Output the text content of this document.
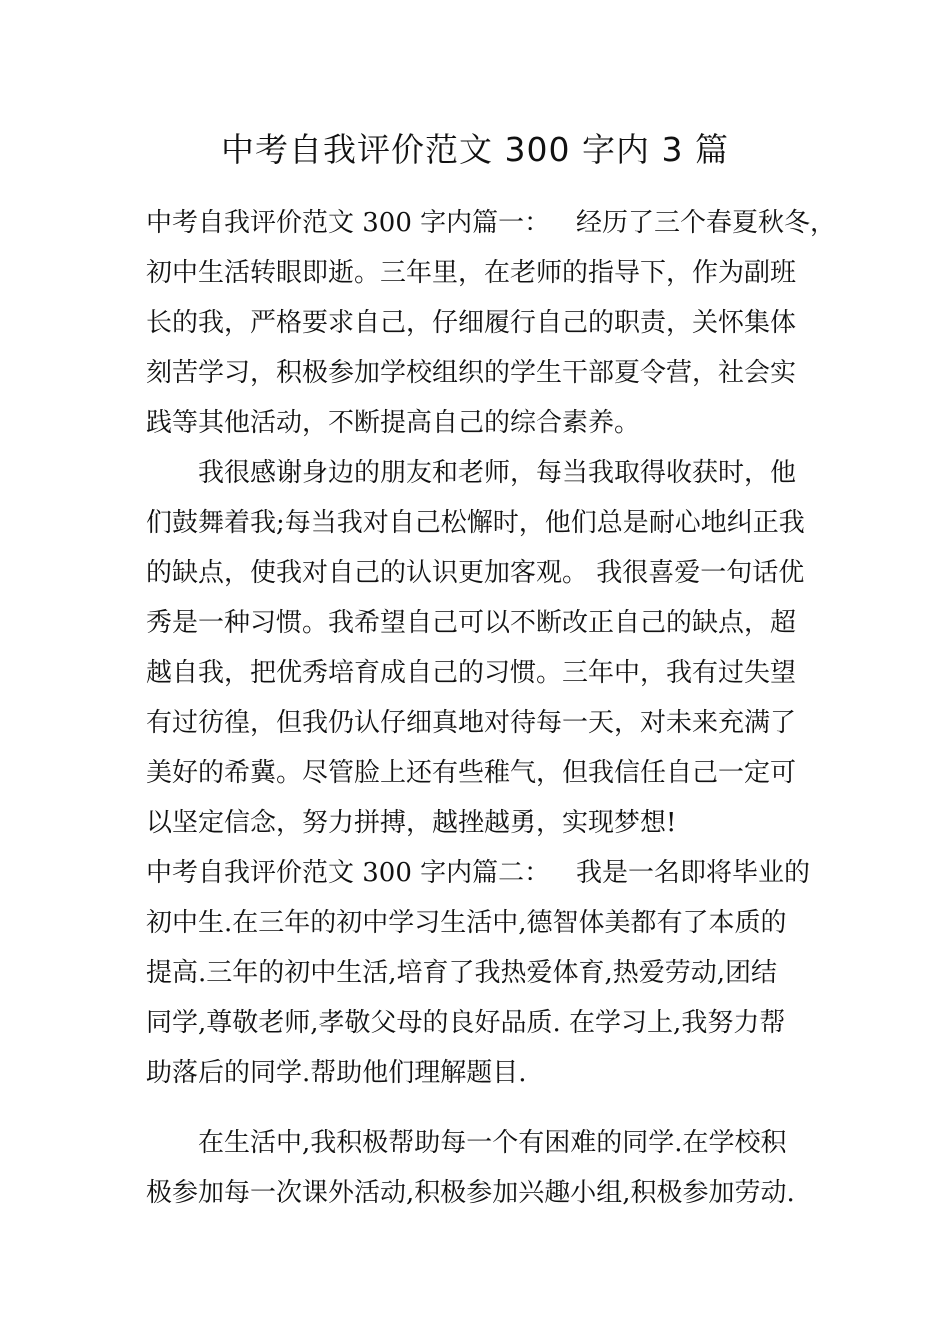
中考自我评价范文 300 字内 3 篇
中考自我评价范文 300 字内篇一： 经历了三个春夏秋冬，
初中生活转眼即逝。三年里，在老师的指导下，作为副班
长的我，严格要求自己，仔细履行自己的职责，关怀集体
刻苦学习，积极参加学校组织的学生干部夏令营，社会实
践等其他活动，不断提高自己的综合素养。
我很感谢身边的朋友和老师，每当我取得收获时，他
们鼓舞着我;每当我对自己松懈时，他们总是耐心地纠正我
的缺点，使我对自己的认识更加客观。 我很喜爱一句话优
秀是一种习惯。我希望自己可以不断改正自己的缺点，超
越自我，把优秀培育成自己的习惯。三年中，我有过失望
有过彷徨，但我仍认仔细真地对待每一天，对未来充满了
美好的希冀。尽管脸上还有些稚气，但我信任自己一定可
以坚定信念，努力拼搏，越挫越勇，实现梦想!
中考自我评价范文 300 字内篇二： 我是一名即将毕业的
初中生.在三年的初中学习生活中,德智体美都有了本质的
提高.三年的初中生活,培育了我热爱体育,热爱劳动,团结
同学,尊敬老师,孝敬父母的良好品质. 在学习上,我努力帮
助落后的同学.帮助他们理解题目.
在生活中,我积极帮助每一个有困难的同学.在学校积
极参加每一次课外活动,积极参加兴趣小组,积极参加劳动.
